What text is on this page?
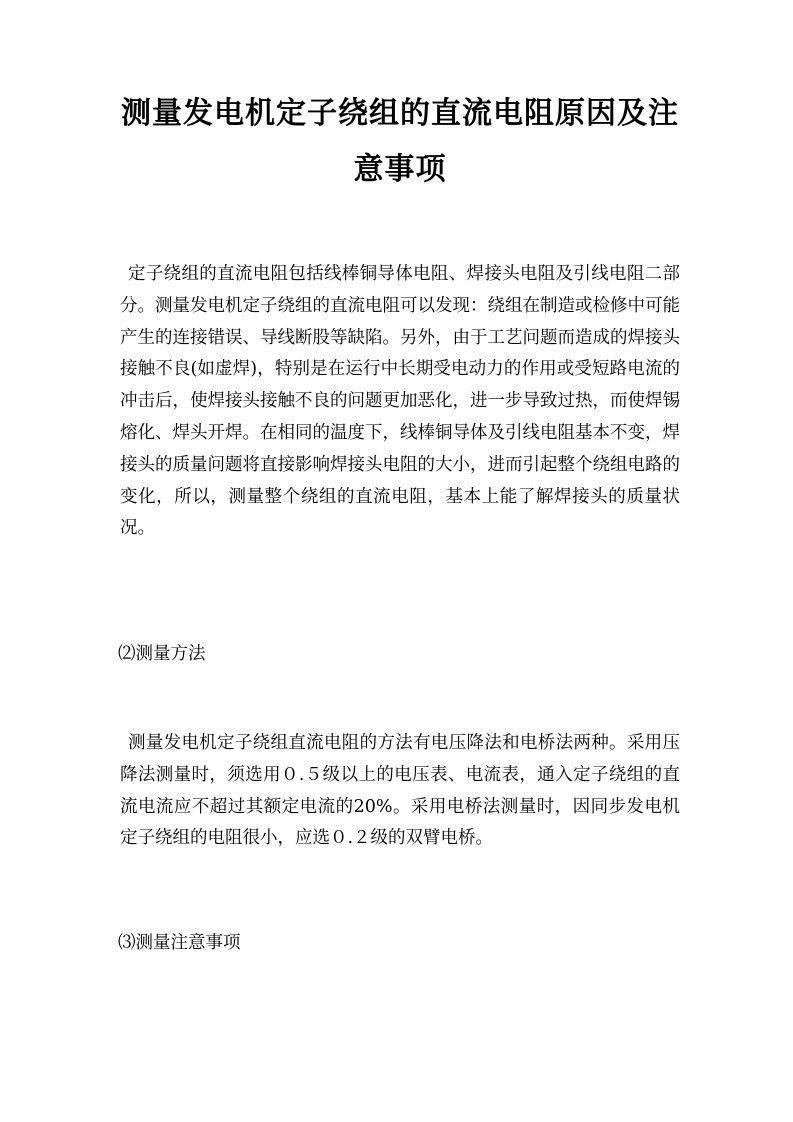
测量发电机定子绕组的直流电阻原因及注
意事项

定子绕组的直流电阻包括线棒铜导体电阻、焊接头电阻及引线电阻二部分。测量发电机定子绕组的直流电阻可以发现：绕组在制造或检修中可能产生的连接错误、导线断股等缺陷。另外，由于工艺问题而造成的焊接头接触不良(如虚焊)，特别是在运行中长期受电动力的作用或受短路电流的冲击后，使焊接头接触不良的问题更加恶化，进一步导致过热，而使焊锡熔化、焊头开焊。在相同的温度下，线棒铜导体及引线电阻基本不变，焊接头的质量问题将直接影响焊接头电阻的大小，进而引起整个绕组电路的变化，所以，测量整个绕组的直流电阻，基本上能了解焊接头的质量状况。

⑵测量方法

测量发电机定子绕组直流电阻的方法有电压降法和电桥法两种。采用压降法测量时，须选用０.５级以上的电压表、电流表，通入定子绕组的直流电流应不超过其额定电流的20%。采用电桥法测量时，因同步发电机定子绕组的电阻很小，应选０.２级的双臂电桥。

⑶测量注意事项
